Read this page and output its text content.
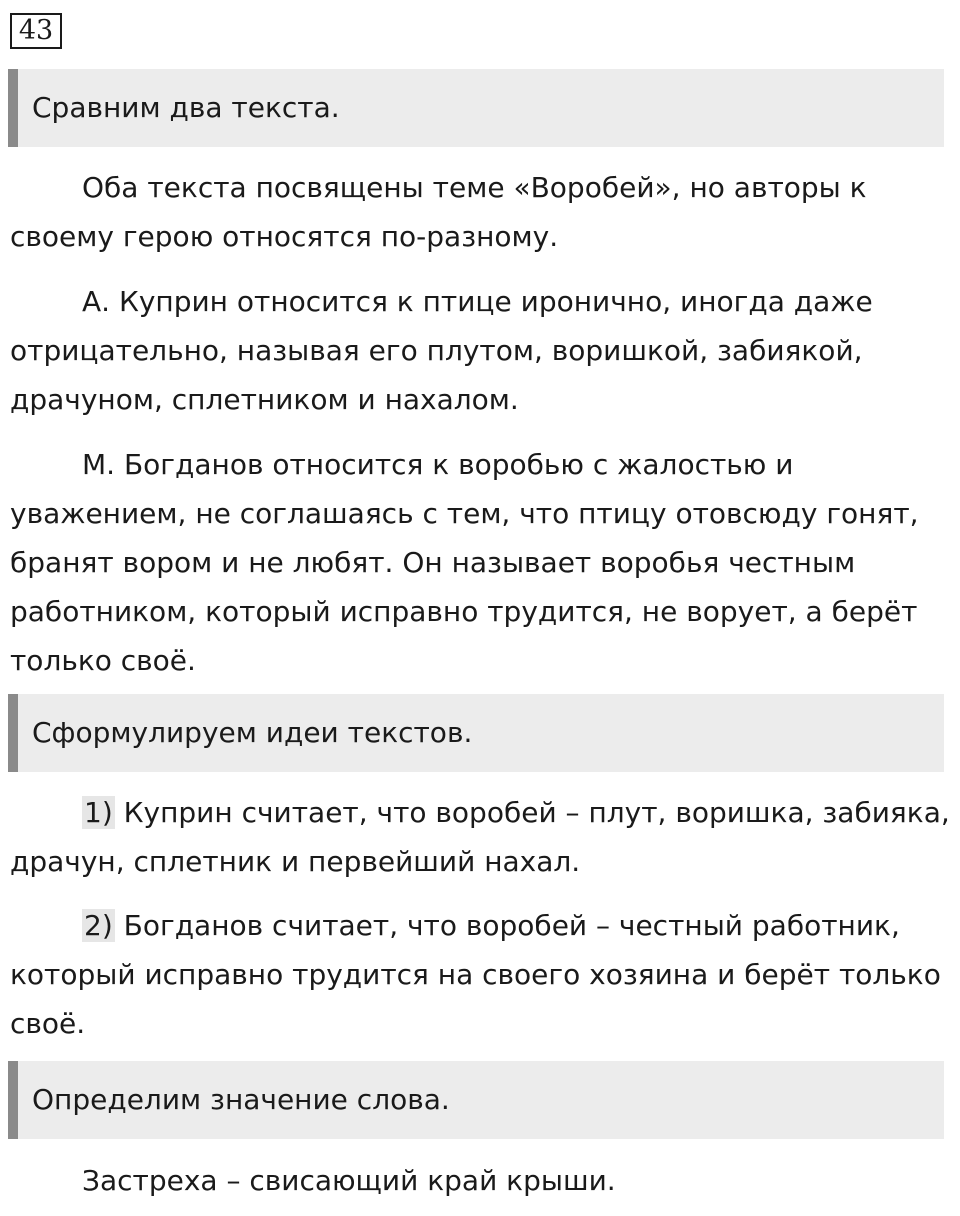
43
Сравним два текста.

Оба текста посвящены теме «Воробей», но авторы к своему герою относятся по-разному.

А. Куприн относится к птице иронично, иногда даже отрицательно, называя его плутом, воришкой, забиякой, драчуном, сплетником и нахалом.

М. Богданов относится к воробью с жалостью и уважением, не соглашаясь с тем, что птицу отовсюду гонят, бранят вором и не любят. Он называет воробья честным работником, который исправно трудится, не ворует, а берёт только своё.

Сформулируем идеи текстов.

1) Куприн считает, что воробей – плут, воришка, забияка, драчун, сплетник и первейший нахал.

2) Богданов считает, что воробей – честный работник, который исправно трудится на своего хозяина и берёт только своё.

Определим значение слова.

Застреха – свисающий край крыши.
